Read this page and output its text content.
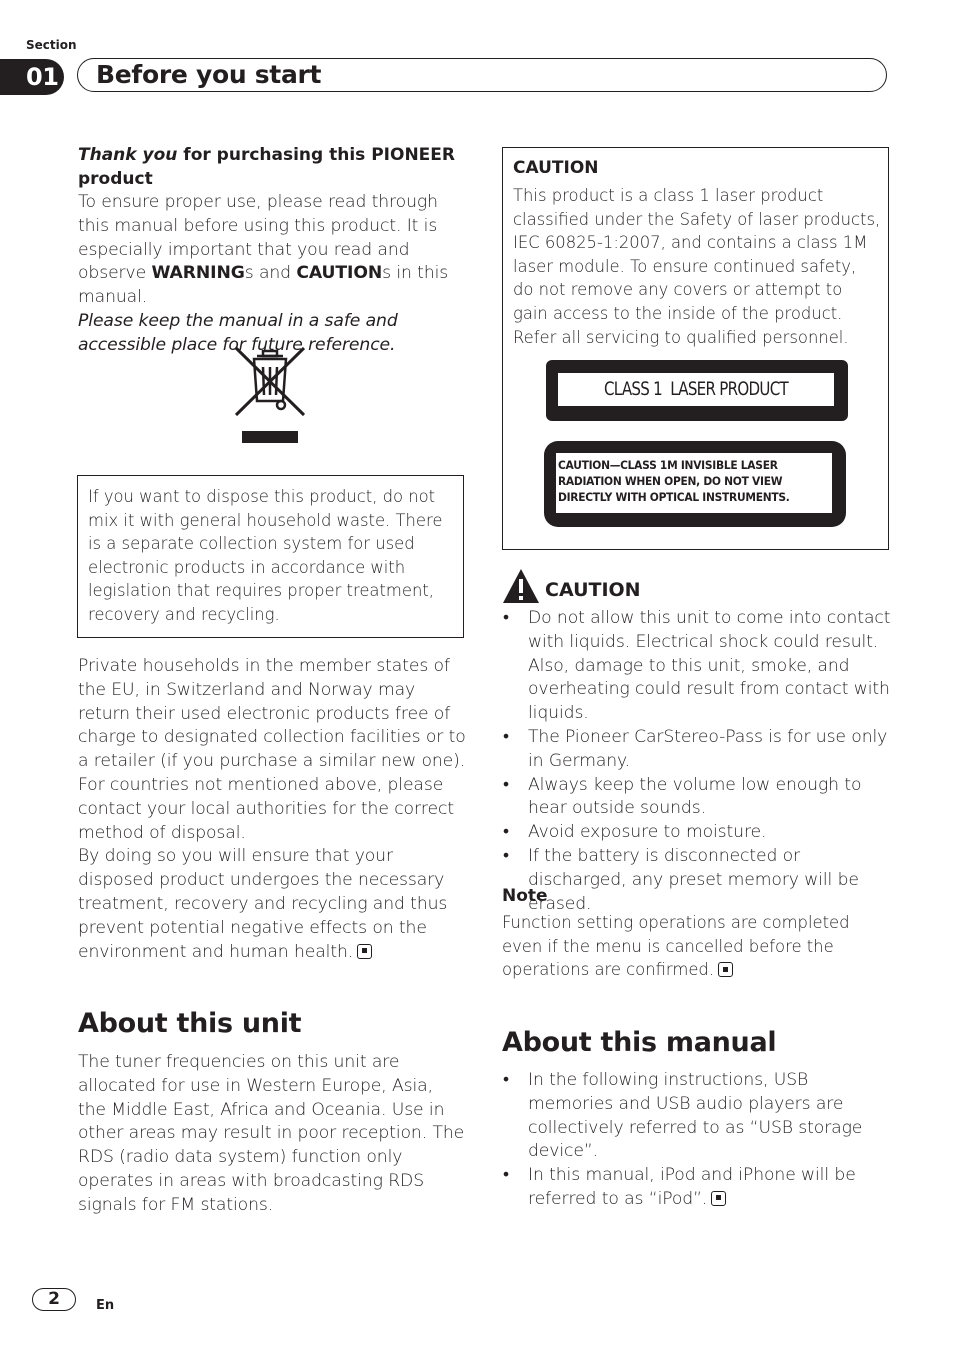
Section
01 Before you start

Thank you for purchasing this PIONEER
product

To ensure proper use, please read through this manual before using this product. It is especially important that you read and observe WARNINGs and CAUTIONs in this manual.

Please keep the manual in a safe and accessible place for future reference.

If you want to dispose this product, do not mix it with general household waste. There is a separate collection system for used electronic products in accordance with legislation that requires proper treatment, recovery and recycling.

Private households in the member states of the EU, in Switzerland and Norway may return their used electronic products free of charge to designated collection facilities or to a retailer (if you purchase a similar new one).

For countries not mentioned above, please contact your local authorities for the correct method of disposal.

By doing so you will ensure that your disposed product undergoes the necessary treatment, recovery and recycling and thus prevent potential negative effects on the environment and human health.

About this unit

The tuner frequencies on this unit are allocated for use in Western Europe, Asia, the Middle East, Africa and Oceania. Use in other areas may result in poor reception. The RDS (radio data system) function only operates in areas with broadcasting RDS signals for FM stations.

CAUTION

This product is a class 1 laser product classified under the Safety of laser products, IEC 60825-1:2007, and contains a class 1M laser module. To ensure continued safety, do not remove any covers or attempt to gain access to the inside of the product. Refer all servicing to qualified personnel.

CLASS 1  LASER PRODUCT
CAUTION—CLASS 1M INVISIBLE LASER
RADIATION WHEN OPEN, DO NOT VIEW
DIRECTLY WITH OPTICAL INSTRUMENTS.
CAUTION
• Do not allow this unit to come into contact with liquids. Electrical shock could result. Also, damage to this unit, smoke, and overheating could result from contact with liquids.
• The Pioneer CarStereo-Pass is for use only in Germany.
• Always keep the volume low enough to hear outside sounds.
• Avoid exposure to moisture.
• If the battery is disconnected or discharged, any preset memory will be erased.
Note

Function setting operations are completed even if the menu is cancelled before the operations are confirmed.

About this manual
• In the following instructions, USB memories and USB audio players are collectively referred to as “USB storage device”.
• In this manual, iPod and iPhone will be referred to as “iPod”.
2	En
